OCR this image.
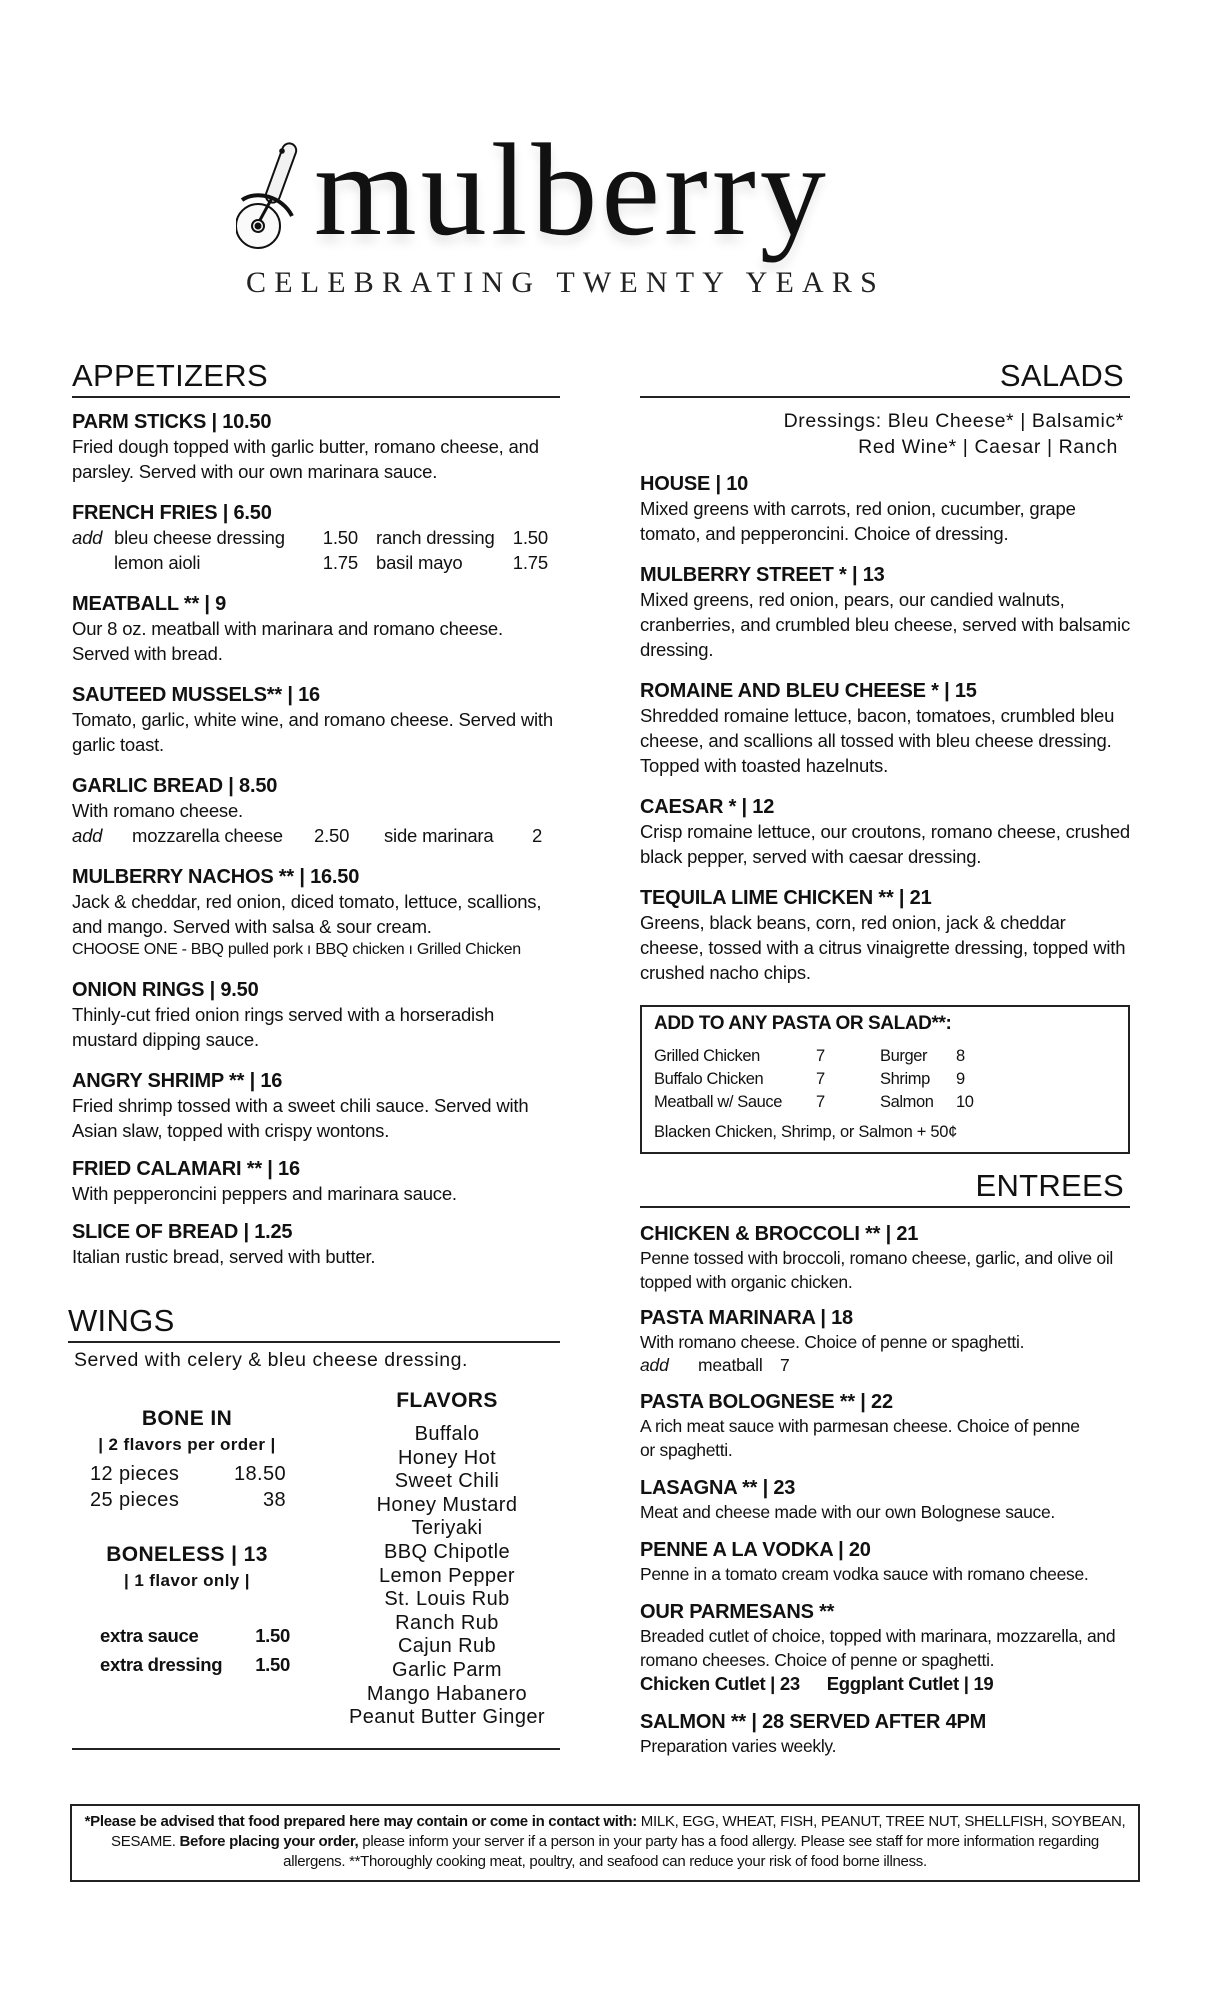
mulberry
CELEBRATING TWENTY YEARS
APPETIZERS
PARM STICKS | 10.50
Fried dough topped with garlic butter, romano cheese, and parsley. Served with our own marinara sauce.
FRENCH FRIES | 6.50
add bleu cheese dressing	1.50 ranch dressing 1.50
lemon aioli	1.75 basil mayo	1.75
MEATBALL ** | 9
Our 8 oz. meatball with marinara and romano cheese. Served with bread.
SAUTEED MUSSELS** | 16
Tomato, garlic, white wine, and romano cheese. Served with garlic toast.
GARLIC BREAD | 8.50
With romano cheese.
add	mozzarella cheese	2.50	side marinara	2
MULBERRY NACHOS ** | 16.50
Jack & cheddar, red onion, diced tomato, lettuce, scallions, and mango. Served with salsa & sour cream.
CHOOSE ONE - BBQ pulled pork ı BBQ chicken ı Grilled Chicken
ONION RINGS | 9.50
Thinly-cut fried onion rings served with a horseradish mustard dipping sauce.
ANGRY SHRIMP ** | 16
Fried shrimp tossed with a sweet chili sauce. Served with Asian slaw, topped with crispy wontons.
FRIED CALAMARI ** | 16
With pepperoncini peppers and marinara sauce.
SLICE OF BREAD | 1.25
Italian rustic bread, served with butter.
WINGS
Served with celery & bleu cheese dressing.
BONE IN
| 2 flavors per order |
12 pieces	18.50
25 pieces	38
BONELESS | 13
| 1 flavor only |
extra sauce	1.50
extra dressing	1.50
FLAVORS
Buffalo
Honey Hot
Sweet Chili
Honey Mustard
Teriyaki
BBQ Chipotle
Lemon Pepper
St. Louis Rub
Ranch Rub
Cajun Rub
Garlic Parm
Mango Habanero
Peanut Butter Ginger
SALADS
Dressings: Bleu Cheese* | Balsamic*
Red Wine* | Caesar | Ranch
HOUSE | 10
Mixed greens with carrots, red onion, cucumber, grape tomato, and pepperoncini. Choice of dressing.
MULBERRY STREET * | 13
Mixed greens, red onion, pears, our candied walnuts, cranberries, and crumbled bleu cheese, served with balsamic dressing.
ROMAINE AND BLEU CHEESE * | 15
Shredded romaine lettuce, bacon, tomatoes, crumbled bleu cheese, and scallions all tossed with bleu cheese dressing. Topped with toasted hazelnuts.
CAESAR * | 12
Crisp romaine lettuce, our croutons, romano cheese, crushed black pepper, served with caesar dressing.
TEQUILA LIME CHICKEN ** | 21
Greens, black beans, corn, red onion, jack & cheddar cheese, tossed with a citrus vinaigrette dressing, topped with crushed nacho chips.
ADD TO ANY PASTA OR SALAD**:
Grilled Chicken	7	Burger	8
Buffalo Chicken	7	Shrimp	9
Meatball w/ Sauce	7	Salmon	10
Blacken Chicken, Shrimp, or Salmon + 50¢
ENTREES
CHICKEN & BROCCOLI ** | 21
Penne tossed with broccoli, romano cheese, garlic, and olive oil topped with organic chicken.
PASTA MARINARA | 18
With romano cheese. Choice of penne or spaghetti.
add	meatball 7
PASTA BOLOGNESE ** | 22
A rich meat sauce with parmesan cheese. Choice of penne or spaghetti.
LASAGNA ** | 23
Meat and cheese made with our own Bolognese sauce.
PENNE A LA VODKA | 20
Penne in a tomato cream vodka sauce with romano cheese.
OUR PARMESANS **
Breaded cutlet of choice, topped with marinara, mozzarella, and romano cheeses. Choice of penne or spaghetti.
Chicken Cutlet | 23 Eggplant Cutlet | 19
SALMON ** | 28 SERVED AFTER 4PM
Preparation varies weekly.
*Please be advised that food prepared here may contain or come in contact with: MILK, EGG, WHEAT, FISH, PEANUT, TREE NUT, SHELLFISH, SOYBEAN, SESAME. Before placing your order, please inform your server if a person in your party has a food allergy. Please see staff for more information regarding allergens. **Thoroughly cooking meat, poultry, and seafood can reduce your risk of food borne illness.
